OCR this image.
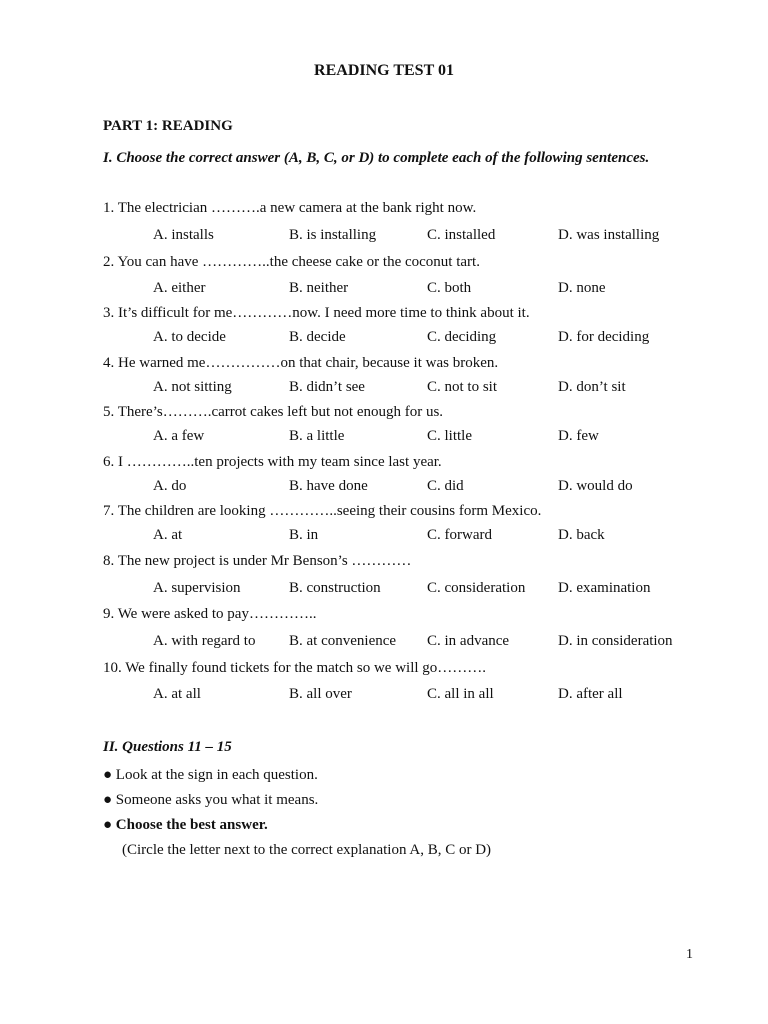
READING TEST 01
PART 1: READING
I. Choose the correct answer (A, B, C, or D) to complete each of the following sentences.
1. The electrician ……….a new camera at the bank right now.
A. installs	B. is installing	C. installed	D. was installing
2. You can have …………..the cheese cake or the coconut tart.
A. either	B. neither	C. both	D. none
3. It’s difficult for me…………now. I need more time to think about it.
A. to decide	B. decide	C. deciding	D. for deciding
4. He warned me……………on that chair, because it was broken.
A. not sitting	B. didn’t see	C. not to sit	D. don’t sit
5. There’s……….carrot cakes left but not enough for us.
A. a few	B. a little	C. little	D. few
6. I …………..ten projects with my team since last year.
A. do	B. have done	C. did	D. would do
7. The children are looking …………..seeing their cousins form Mexico.
A. at	B. in	C. forward	D. back
8. The new project is under Mr Benson’s …………
A. supervision	B. construction	C. consideration D. examination
9. We were asked to pay…………..
A. with regard to B. at convenience C. in advance	D. in consideration
10. We finally found tickets for the match so we will go……….
A. at all	B. all over	C. all in all	D. after all
II. Questions 11 – 15
● Look at the sign in each question.
● Someone asks you what it means.
● Choose the best answer.
(Circle the letter next to the correct explanation A, B, C or D)
1
